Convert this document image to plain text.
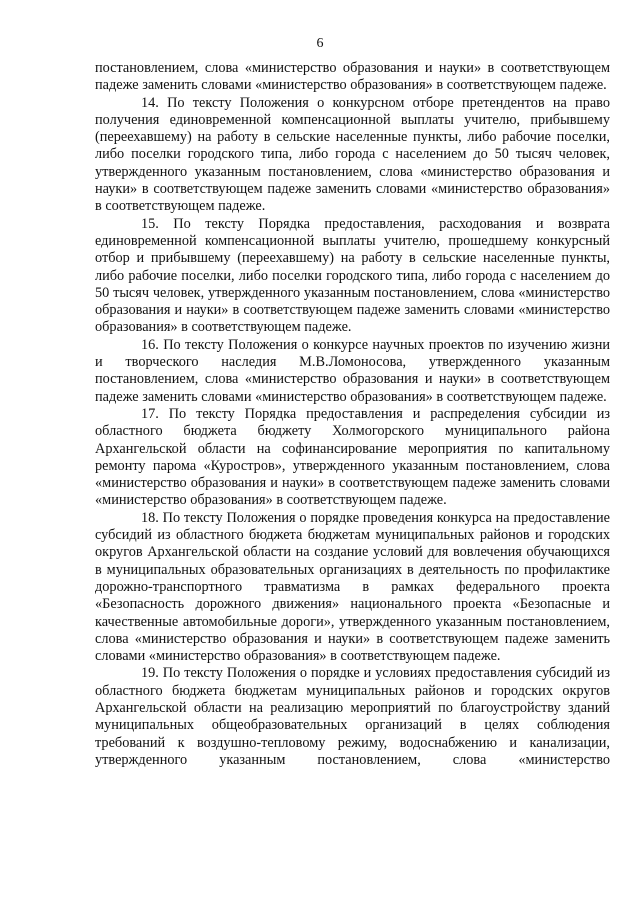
6

постановлением, слова «министерство образования и науки» в соответствующем падеже заменить словами «министерство образования» в соответствующем падеже.

14. По тексту Положения о конкурсном отборе претендентов на право получения единовременной компенсационной выплаты учителю, прибывшему (переехавшему) на работу в сельские населенные пункты, либо рабочие поселки, либо поселки городского типа, либо города с населением до 50 тысяч человек, утвержденного указанным постановлением, слова «министерство образования и науки» в соответствующем падеже заменить словами «министерство образования» в соответствующем падеже.

15. По тексту Порядка предоставления, расходования и возврата единовременной компенсационной выплаты учителю, прошедшему конкурсный отбор и прибывшему (переехавшему) на работу в сельские населенные пункты, либо рабочие поселки, либо поселки городского типа, либо города с населением до 50 тысяч человек, утвержденного указанным постановлением, слова «министерство образования и науки» в соответствующем падеже заменить словами «министерство образования» в соответствующем падеже.

16. По тексту Положения о конкурсе научных проектов по изучению жизни и творческого наследия М.В.Ломоносова, утвержденного указанным постановлением, слова «министерство образования и науки» в соответствующем падеже заменить словами «министерство образования» в соответствующем падеже.

17. По тексту Порядка предоставления и распределения субсидии из областного бюджета бюджету Холмогорского муниципального района Архангельской области на софинансирование мероприятия по капитальному ремонту парома «Куростров», утвержденного указанным постановлением, слова «министерство образования и науки» в соответствующем падеже заменить словами «министерство образования» в соответствующем падеже.

18. По тексту Положения о порядке проведения конкурса на предоставление субсидий из областного бюджета бюджетам муниципальных районов и городских округов Архангельской области на создание условий для вовлечения обучающихся в муниципальных образовательных организациях в деятельность по профилактике дорожно-транспортного травматизма в рамках федерального проекта «Безопасность дорожного движения» национального проекта «Безопасные и качественные автомобильные дороги», утвержденного указанным постановлением, слова «министерство образования и науки» в соответствующем падеже заменить словами «министерство образования» в соответствующем падеже.

19. По тексту Положения о порядке и условиях предоставления субсидий из областного бюджета бюджетам муниципальных районов и городских округов Архангельской области на реализацию мероприятий по благоустройству зданий муниципальных общеобразовательных организаций в целях соблюдения требований к воздушно-тепловому режиму, водоснабжению и канализации, утвержденного указанным постановлением, слова «министерство
